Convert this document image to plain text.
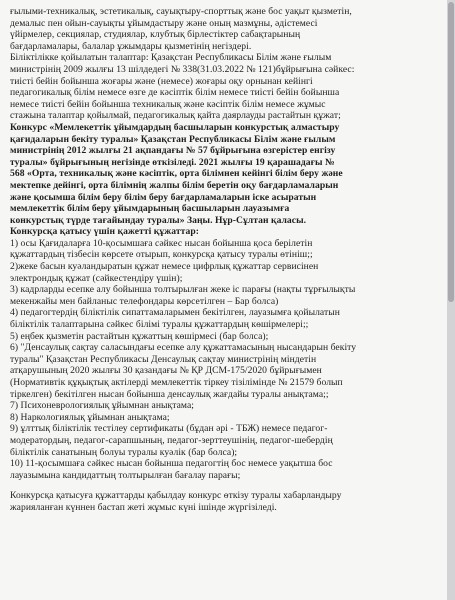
ғылыми-техникалық, эстетикалық, сауықтыру-спорттық және бос уақыт қызметін,

демалыс пен ойын-сауықты ұйымдастыру және оның мазмұны, әдістемесі

үйірмелер, секциялар, студиялар, клубтық бірлестіктер сабақтарының

бағдарламалары, балалар ұжымдары қызметінің негіздері.

Біліктілікке қойылатын талаптар: Қазақстан Республикасы Білім және ғылым

министрінің 2009 жылғы 13 шілдедегі № 338(31.03.2022 № 121)бұйрығына сәйкес:

тиісті бейін бойынша жоғары және (немесе) жоғары оқу орнынан кейінгі

педагогикалық білім немесе өзге де кәсіптік білім немесе тиісті бейін бойынша

немесе тиісті бейін бойынша техникалық және кәсіптік білім немесе жұмыс

стажына талаптар қойылмай, педагогикалық қайта даярлауды растайтын құжат;

Конкурс «Мемлекеттік ұйымдардың басшыларын конкурстық алмастыру

қағидаларын бекіту туралы» Қазақстан Республикасы Білім және ғылым

министрінің 2012 жылғы 21 ақпандағы № 57 бұйрығына өзгерістер енгізу

туралы» бұйрығының негізінде өткізіледі. 2021 жылғы 19 қарашадағы №

568 «Орта, техникалық және кәсіптік, орта білімнен кейінгі білім беру және

мектепке дейінгі, орта білімнің жалпы білім беретін оқу бағдарламаларын

және қосымша білім беру білім беру бағдарламаларын іске асыратын

мемлекеттік білім беру ұйымдарының басшыларын лауазымға

конкурстық түрде тағайындау туралы» Заңы. Нұр-Сұлтан қаласы.

Конкурсқа қатысу үшін қажетті құжаттар:

1) осы Қағидаларға 10-қосымшаға сәйкес нысан бойынша қоса берілетін

құжаттардың тізбесін көрсете отырып, конкурсқа қатысу туралы өтініш;;

2)жеке басын куәландыратын құжат немесе цифрлық құжаттар сервисінен

электрондық құжат (сәйкестендіру үшін);

3) кадрларды есепке алу бойынша толтырылған жеке іс парағы (нақты тұрғылықты

мекенжайы мен байланыс телефондары көрсетілген – Бар болса)

4) педагогтердің біліктілік сипаттамаларымен бекітілген, лауазымға қойылатын

біліктілік талаптарына сәйкес білімі туралы құжаттардың көшірмелері;;

5) еңбек қызметін растайтын құжаттың көшірмесі (бар болса);

6) "Денсаулық сақтау саласындағы есепке алу құжаттамасының нысандарын бекіту

туралы" Қазақстан Республикасы Денсаулық сақтау министрінің міндетін

атқарушының 2020 жылғы 30 қазандағы № ҚР ДСМ-175/2020 бұйрығымен

(Нормативтік құқықтық актілерді мемлекеттік тіркеу тізілімінде № 21579 болып

тіркелген) бекітілген нысан бойынша денсаулық жағдайы туралы анықтама;;

7) Психоневрологиялық ұйымнан анықтама;

8) Наркологиялық ұйымнан анықтама;

9) ұлттық біліктілік тестілеу сертификаты (бұдан әрі - ТБЖ) немесе педагог-

модератордың, педагог-сарапшының, педагог-зерттеушінің, педагог-шебердің

біліктілік санатының болуы туралы куәлік (бар болса);

10) 11-қосымшаға сәйкес нысан бойынша педагогтің бос немесе уақытша бос

лауазымына кандидаттың толтырылған бағалау парағы;

Конкурсқа қатысуға құжаттарды қабылдау конкурс өткізу туралы хабарландыру

жарияланған күннен бастап жеті жұмыс күні ішінде жүргізіледі.
